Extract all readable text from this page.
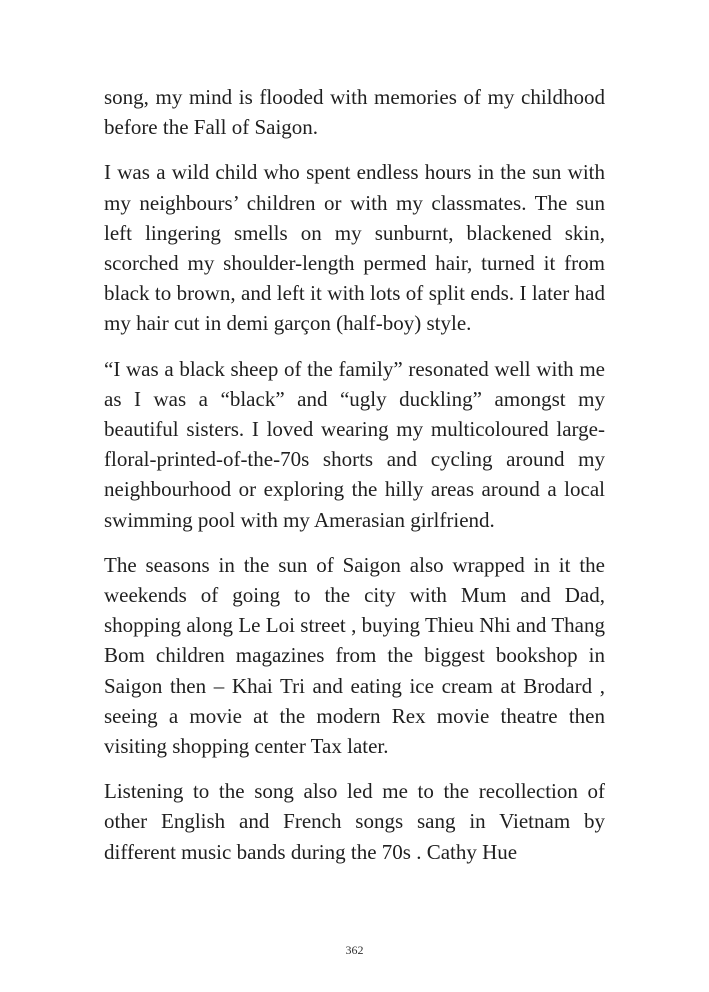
song, my mind is flooded with memories of my childhood before the Fall of Saigon.

I was a wild child who spent endless hours in the sun with my neighbours’ children or with my classmates. The sun left lingering smells on my sunburnt, blackened skin, scorched my shoulder-length permed hair, turned it from black to brown, and left it with lots of split ends. I later had my hair cut in demi garçon (half-boy) style.

“I was a black sheep of the family” resonated well with me as I was a “black” and “ugly duckling” amongst my beautiful sisters. I loved wearing my multicoloured large-floral-printed-of-the-70s shorts and cycling around my neighbourhood or exploring the hilly areas around a local swimming pool with my Amerasian girlfriend.

The seasons in the sun of Saigon also wrapped in it the weekends of going to the city with Mum and Dad, shopping along Le Loi street , buying Thieu Nhi and Thang Bom children magazines from the biggest bookshop in Saigon then – Khai Tri and eating ice cream at Brodard , seeing a movie at the modern Rex movie theatre then visiting shopping center Tax later.

Listening to the song also led me to the recollection of other English and French songs sang in Vietnam by different music bands during the 70s . Cathy Hue

362
